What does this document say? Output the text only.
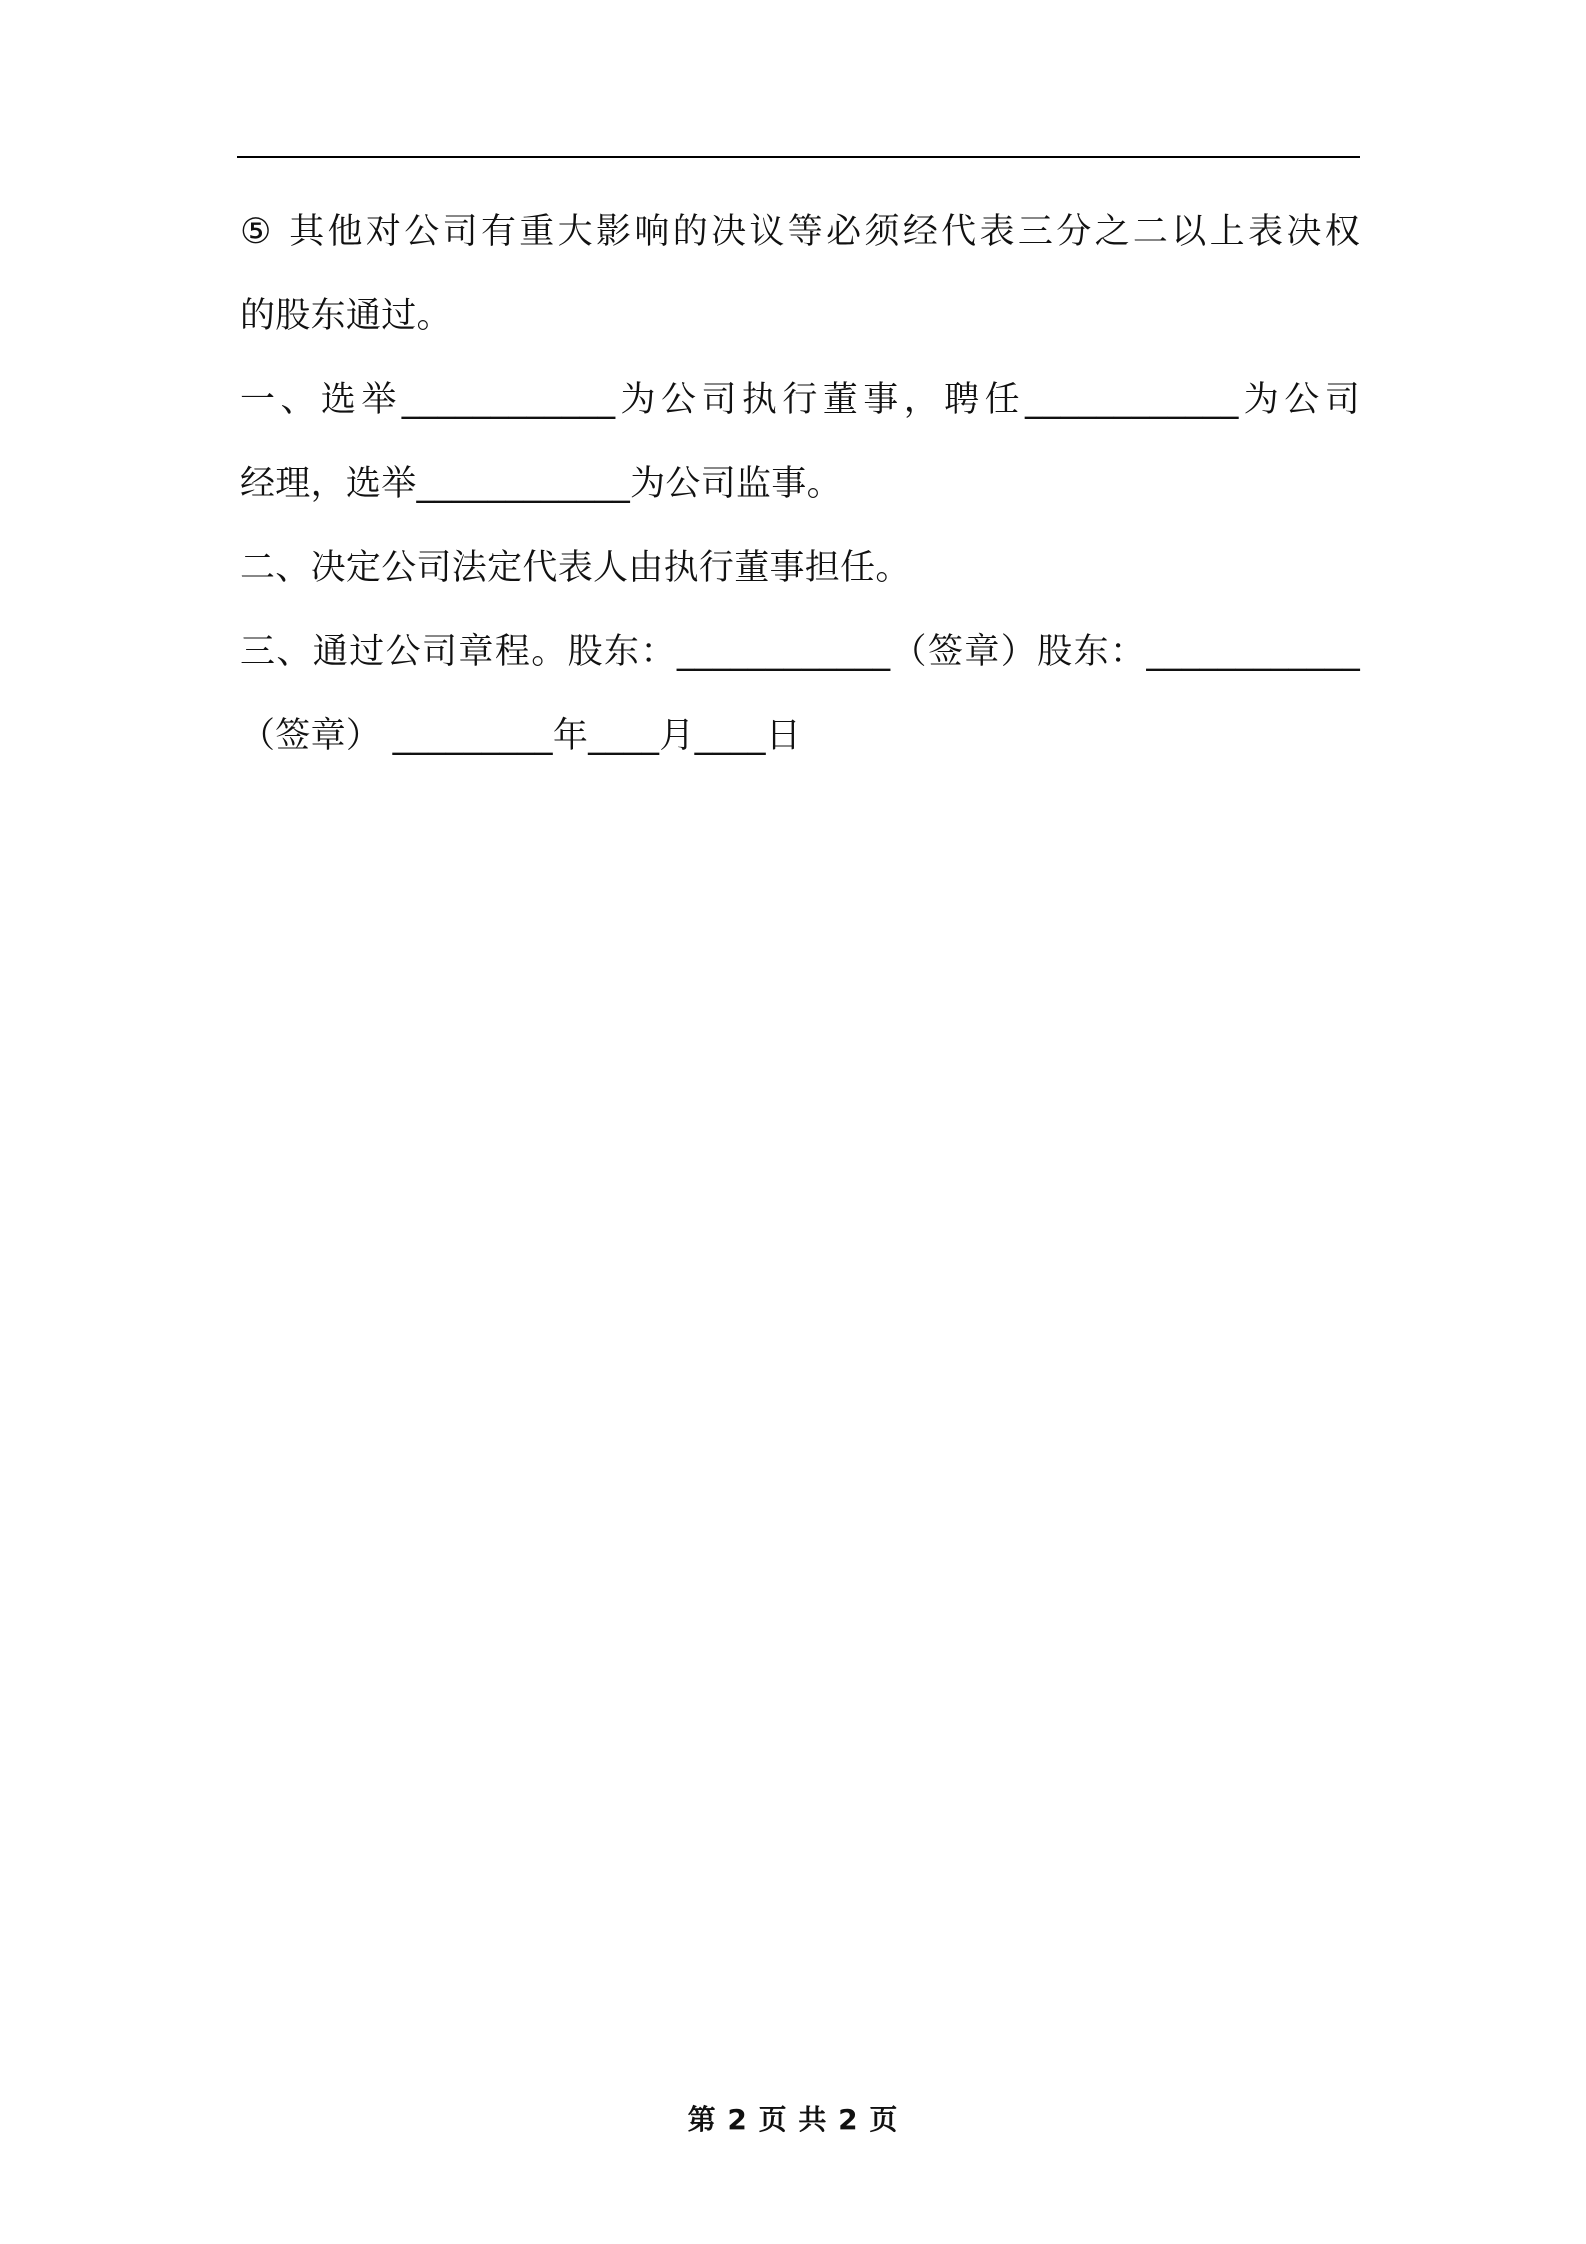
⑤ 其他对公司有重大影响的决议等必须经代表三分之二以上表决权
的股东通过。
一、选举____________为公司执行董事，聘任____________为公司
经理，选举____________为公司监事。
二、决定公司法定代表人由执行董事担任。
三、通过公司章程。股东：____________（签章）股东：____________
（签章） _________年____月____日
第 2 页 共 2 页
